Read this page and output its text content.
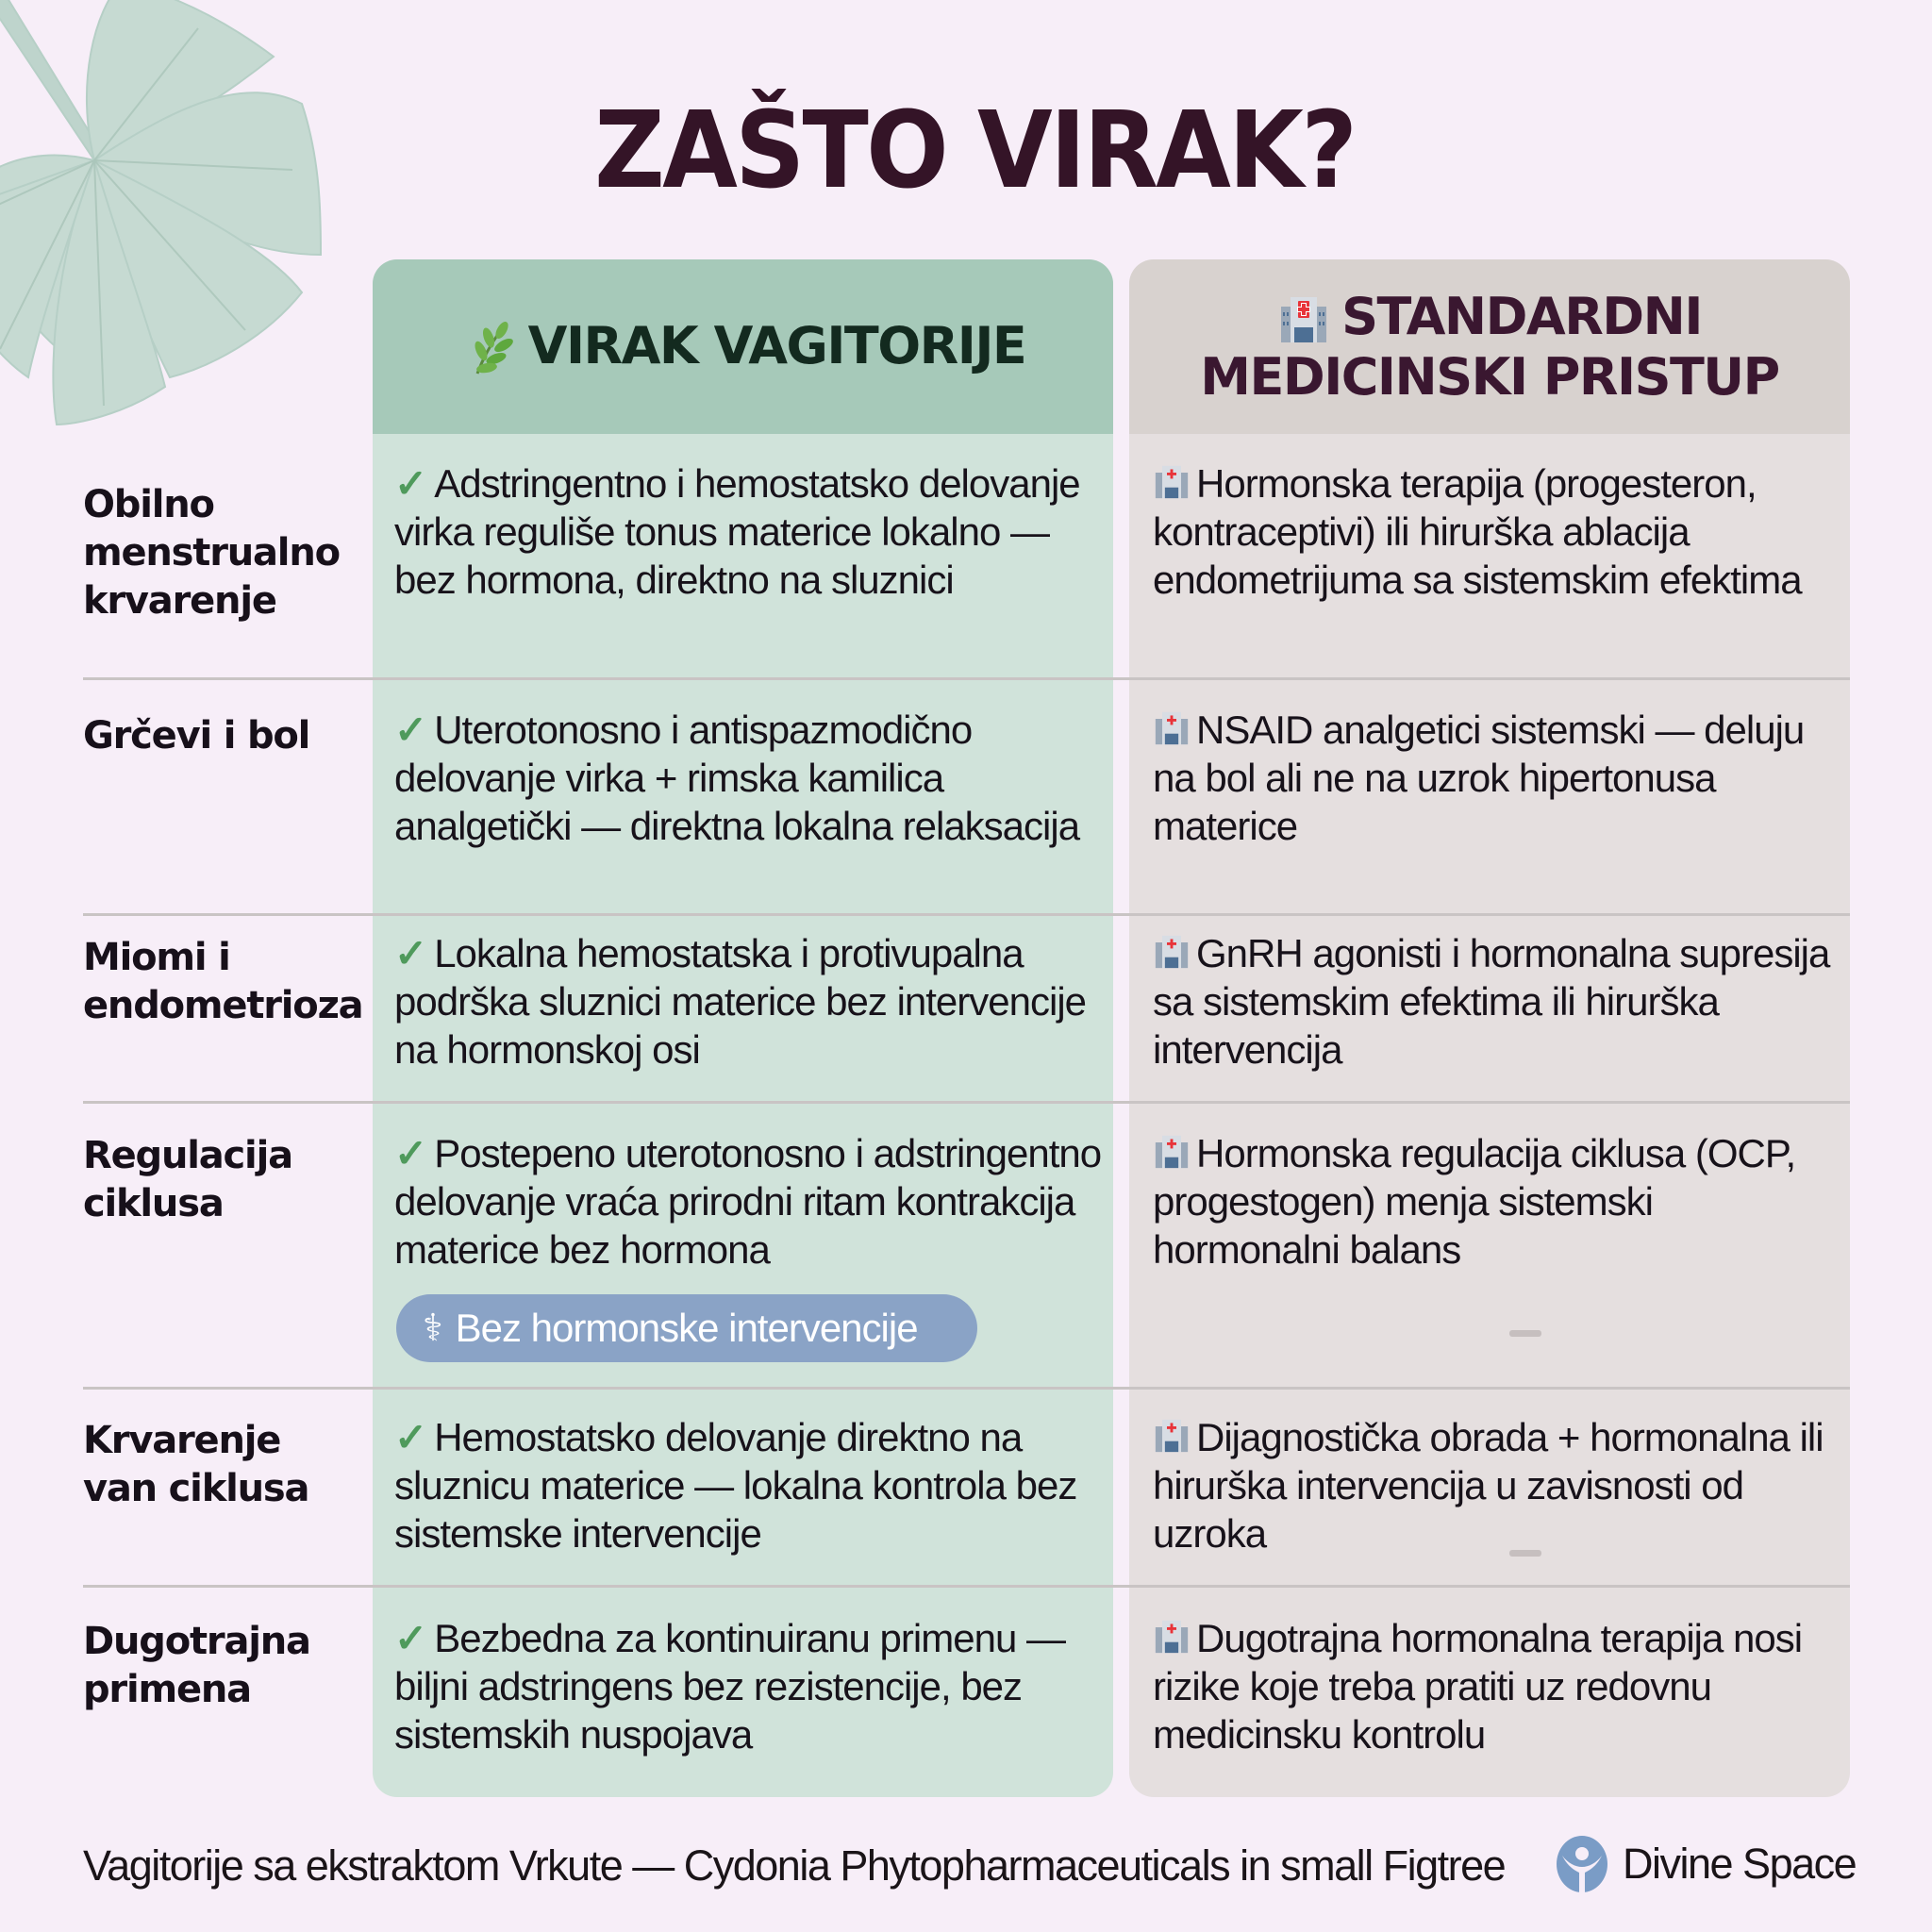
ZAŠTO VIRAK?
VIRAK VAGITORIJE	STANDARDNI
MEDICINSKI PRISTUP
Obilno menstrualno krvarenje
Grčevi i bol
Miomi i endometrioza
Regulacija ciklusa
Krvarenje van ciklusa
Dugotrajna primena
✓ Adstringentno i hemostatsko delovanje virka reguliše tonus materice lokalno — bez hormona, direktno na sluznici
✓ Uterotonosno i antispazmodično delovanje virka + rimska kamilica analgetički — direktna lokalna relaksacija
✓ Lokalna hemostatska i protivupalna podrška sluznici materice bez intervencije na hormonskoj osi
✓ Postepeno uterotonosno i adstringentno delovanje vraća prirodni ritam kontrakcija materice bez hormona
✓ Hemostatsko delovanje direktno na sluznicu materice — lokalna kontrola bez sistemske intervencije
✓ Bezbedna za kontinuiranu primenu — biljni adstringens bez rezistencije, bez sistemskih nuspojava
⚕ Bez hormonske intervencije
Hormonska terapija (progesteron, kontraceptivi) ili hirurška ablacija endometrijuma sa sistemskim efektima
NSAID analgetici sistemski — deluju na bol ali ne na uzrok hipertonusa materice
GnRH agonisti i hormonalna supresija sa sistemskim efektima ili hirurška intervencija
Hormonska regulacija ciklusa (OCP, progestogen) menja sistemski hormonalni balans
Dijagnostička obrada + hormonalna ili hirurška intervencija u zavisnosti od uzroka
Dugotrajna hormonalna terapija nosi rizike koje treba pratiti uz redovnu medicinsku kontrolu
Vagitorije sa ekstraktom Vrkute — Cydonia Phytopharmaceuticals in small Figtree	Divine Space
